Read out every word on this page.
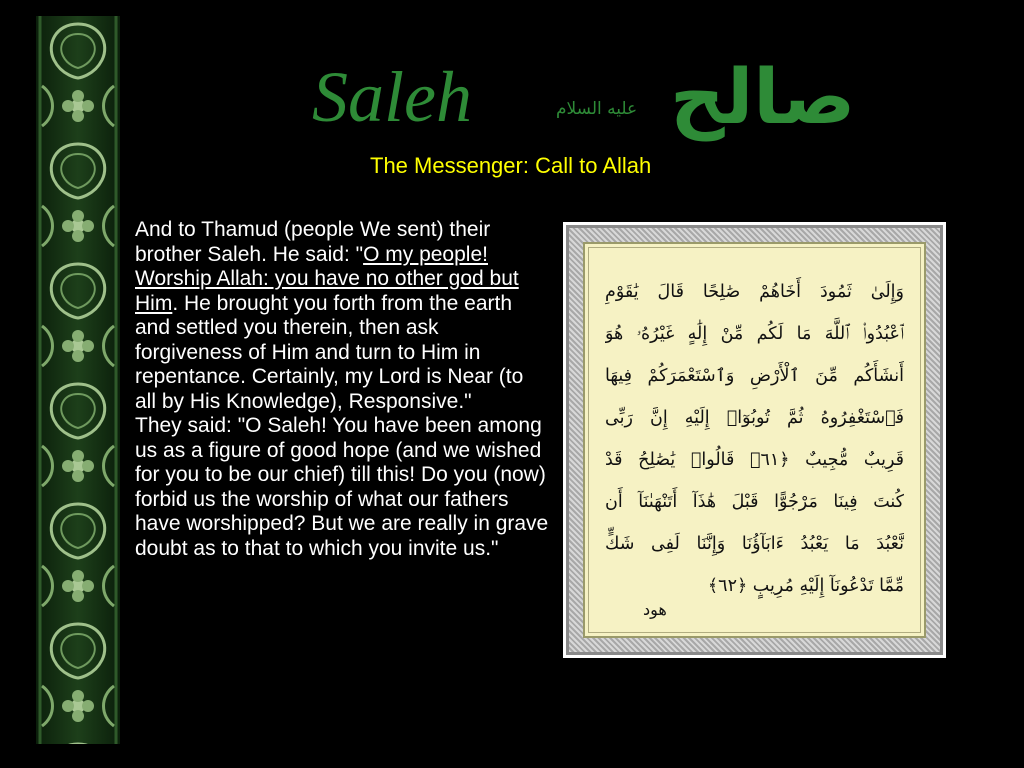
Saleh	عليه السلام صالح
The Messenger: Call to Allah

And to Thamud (people We sent) their brother Saleh. He said: "O my people! Worship Allah: you have no other god but Him. He brought you forth from the earth and settled you therein, then ask forgiveness of Him and turn to Him in repentance. Certainly, my Lord is Near (to all by His Knowledge), Responsive."

They said: "O Saleh! You have been among us as a figure of good hope (and we wished for you to be our chief) till this! Do you (now) forbid us the worship of what our fathers have worshipped? But we are really in grave doubt as to that to which you invite us."

وَإِلَىٰ ثَمُودَ أَخَاهُمْ صَٰلِحًا قَالَ يَٰقَوْمِ
ٱعْبُدُوا۟ ٱللَّهَ مَا لَكُم مِّنْ إِلَٰهٍ غَيْرُهُۥ هُوَ
أَنشَأَكُم مِّنَ ٱلْأَرْضِ وَٱسْتَعْمَرَكُمْ فِيهَا
فَٱسْتَغْفِرُوهُ ثُمَّ تُوبُوٓا۟ إِلَيْهِ إِنَّ رَبِّى
قَرِيبٌ مُّجِيبٌ ﴿٦١﴾ قَالُوا۟ يَٰصَٰلِحُ قَدْ
كُنتَ فِينَا مَرْجُوًّا قَبْلَ هَٰذَآ أَتَنْهَىٰنَآ أَن
نَّعْبُدَ مَا يَعْبُدُ ءَابَآؤُنَا وَإِنَّنَا لَفِى شَكٍّ
مِّمَّا تَدْعُونَآ إِلَيْهِ مُرِيبٍ ﴿٦٢﴾
هود
